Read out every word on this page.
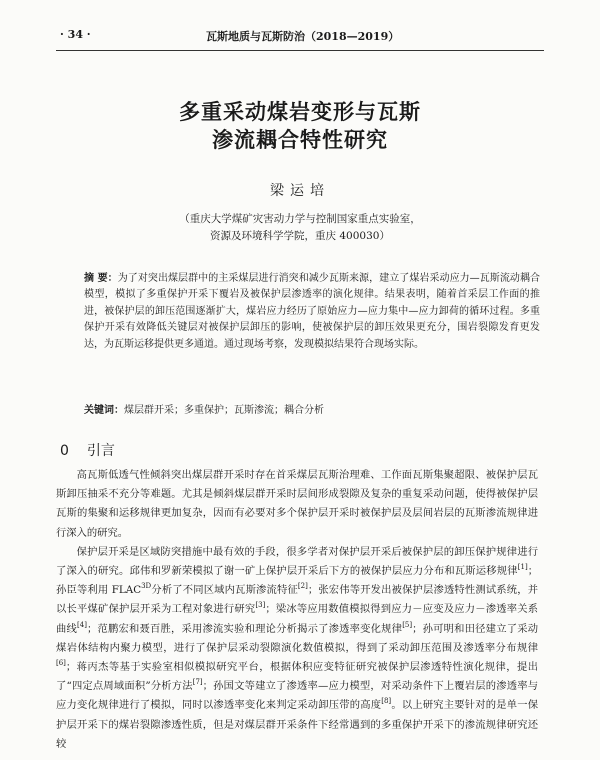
· 34 ·	瓦斯地质与瓦斯防治（2018—2019）
多重采动煤岩变形与瓦斯
渗流耦合特性研究
梁运培
（重庆大学煤矿灾害动力学与控制国家重点实验室，
资源及环境科学学院，重庆 400030）
摘 要：为了对突出煤层群中的主采煤层进行消突和减少瓦斯来源，建立了煤岩采动应力—瓦斯流动耦合模型，模拟了多重保护开采下覆岩及被保护层渗透率的演化规律。结果表明，随着首采层工作面的推进，被保护层的卸压范围逐渐扩大，煤岩应力经历了原始应力—应力集中—应力卸荷的循环过程。多重保护开采有效降低关键层对被保护层卸压的影响，使被保护层的卸压效果更充分，围岩裂隙发育更发达，为瓦斯运移提供更多通道。通过现场考察，发现模拟结果符合现场实际。
关键词：煤层群开采；多重保护；瓦斯渗流；耦合分析
0 引言

高瓦斯低透气性倾斜突出煤层群开采时存在首采煤层瓦斯治理难、工作面瓦斯集聚超限、被保护层瓦斯卸压抽采不充分等难题。尤其是倾斜煤层群开采时层间形成裂隙及复杂的重复采动问题，使得被保护层瓦斯的集聚和运移规律更加复杂，因而有必要对多个保护层开采时被保护层及层间岩层的瓦斯渗流规律进行深入的研究。

保护层开采是区域防突措施中最有效的手段，很多学者对保护层开采后被保护层的卸压保护规律进行了深入的研究。邱伟和罗新荣模拟了谢一矿上保护层开采后下方的被保护层应力分布和瓦斯运移规律[1]；孙臣等利用 $FLAC^{3D}$分析了不同区域内瓦斯渗流特征[2]；张宏伟等开发出被保护层渗透特性测试系统，并以长平煤矿保护层开采为工程对象进行研究[3]；梁冰等应用数值模拟得到应力－应变及应力－渗透率关系曲线[4]；范鹏宏和聂百胜，采用渗流实验和理论分析揭示了渗透率变化规律[5]；孙可明和田径建立了采动煤岩体结构内聚力模型，进行了保护层采动裂隙演化数值模拟，得到了采动卸压范围及渗透率分布规律[6]；蒋丙杰等基于实验室相似模拟研究平台，根据体积应变特征研究被保护层渗透特性演化规律，提出了“四定点周域面积”分析方法[7]；孙国文等建立了渗透率—应力模型，对采动条件下上覆岩层的渗透率与应力变化规律进行了模拟，同时以渗透率变化来判定采动卸压带的高度[8]。以上研究主要针对的是单一保护层开采下的煤岩裂隙渗透性质，但是对煤层群开采条件下经常遇到的多重保护开采下的渗流规律研究还较
